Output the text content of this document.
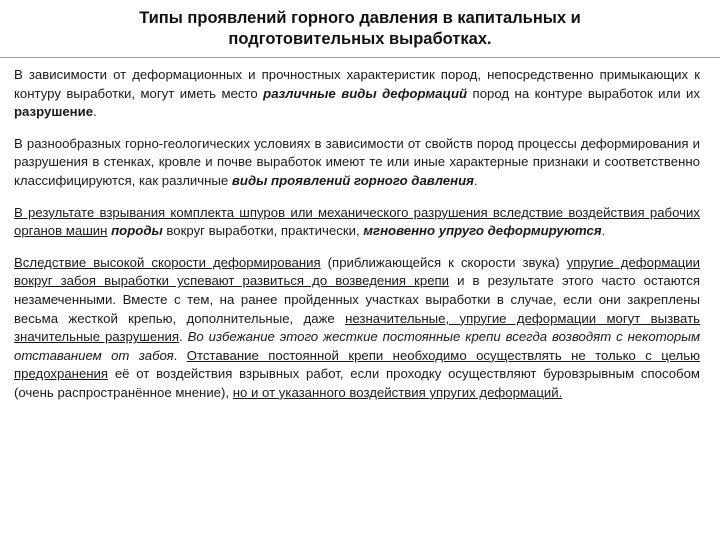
Типы проявлений горного давления в капитальных и
подготовительных выработках.

В зависимости от деформационных и прочностных характеристик пород, непосредственно примыкающих к контуру выработки, могут иметь место различные виды деформаций пород на контуре выработок или их разрушение.

В разнообразных горно-геологических условиях в зависимости от свойств пород процессы деформирования и разрушения в стенках, кровле и почве выработок имеют те или иные характерные признаки и соответственно классифицируются, как различные виды проявлений горного давления.

В результате взрывания комплекта шпуров или механического разрушения вследствие воздействия рабочих органов машин породы вокруг выработки, практически, мгновенно упруго деформируются.

Вследствие высокой скорости деформирования (приближающейся к скорости звука) упругие деформации вокруг забоя выработки успевают развиться до возведения крепи и в результате этого часто остаются незамеченными. Вместе с тем, на ранее пройденных участках выработки в случае, если они закреплены весьма жесткой крепью, дополнительные, даже незначительные, упругие деформации могут вызвать значительные разрушения. Во избежание этого жесткие постоянные крепи всегда возводят с некоторым отставанием от забоя. Отставание постоянной крепи необходимо осуществлять не только с целью предохранения её от воздействия взрывных работ, если проходку осуществляют буровзрывным способом (очень распространённое мнение), но и от указанного воздействия упругих деформаций.
